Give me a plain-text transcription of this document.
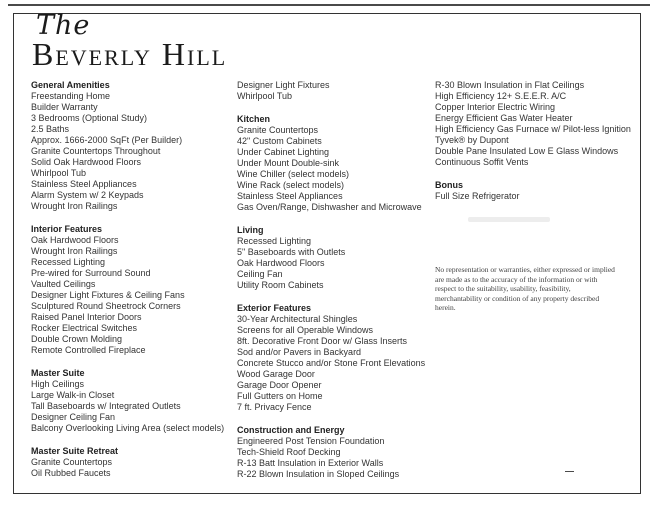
The
Beverly Hill
General Amenities
Freestanding Home
Builder Warranty
3 Bedrooms (Optional Study)
2.5 Baths
Approx. 1666-2000 SqFt (Per Builder)
Granite Countertops Throughout
Solid Oak Hardwood Floors
Whirlpool Tub
Stainless Steel Appliances
Alarm System w/ 2 Keypads
Wrought Iron Railings
Interior Features
Oak Hardwood Floors
Wrought Iron Railings
Recessed Lighting
Pre-wired for Surround Sound
Vaulted Ceilings
Designer Light Fixtures & Ceiling Fans
Sculptured Round Sheetrock Corners
Raised Panel Interior Doors
Rocker Electrical Switches
Double Crown Molding
Remote Controlled Fireplace
Master Suite
High Ceilings
Large Walk-in Closet
Tall Baseboards w/ Integrated Outlets
Designer Ceiling Fan
Balcony Overlooking Living Area (select models)
Master Suite Retreat
Granite Countertops
Oil Rubbed Faucets
Designer Light Fixtures
Whirlpool Tub
Kitchen
Granite Countertops
42" Custom Cabinets
Under Cabinet Lighting
Under Mount Double-sink
Wine Chiller (select models)
Wine Rack (select models)
Stainless Steel Appliances
Gas Oven/Range, Dishwasher and Microwave
Living
Recessed Lighting
5" Baseboards with Outlets
Oak Hardwood Floors
Ceiling Fan
Utility Room Cabinets
Exterior Features
30-Year Architectural Shingles
Screens for all Operable Windows
8ft. Decorative Front Door w/ Glass Inserts
Sod and/or Pavers in Backyard
Concrete Stucco and/or Stone Front Elevations
Wood Garage Door
Garage Door Opener
Full Gutters on Home
7 ft. Privacy Fence
Construction and Energy
Engineered Post Tension Foundation
Tech-Shield Roof Decking
R-13 Batt Insulation in Exterior Walls
R-22 Blown Insulation in Sloped Ceilings
R-30 Blown Insulation in Flat Ceilings
High Efficiency 12+ S.E.E.R. A/C
Copper Interior Electric Wiring
Energy Efficient Gas Water Heater
High Efficiency Gas Furnace w/ Pilot-less Ignition
Tyvek® by Dupont
Double Pane Insulated Low E Glass Windows
Continuous Soffit Vents
Bonus
Full Size Refrigerator
No representation or warranties, either expressed or implied are made as to the accuracy of the information or with respect to the suitability, usability, feasibility, merchantability or condition of any property described herein.
